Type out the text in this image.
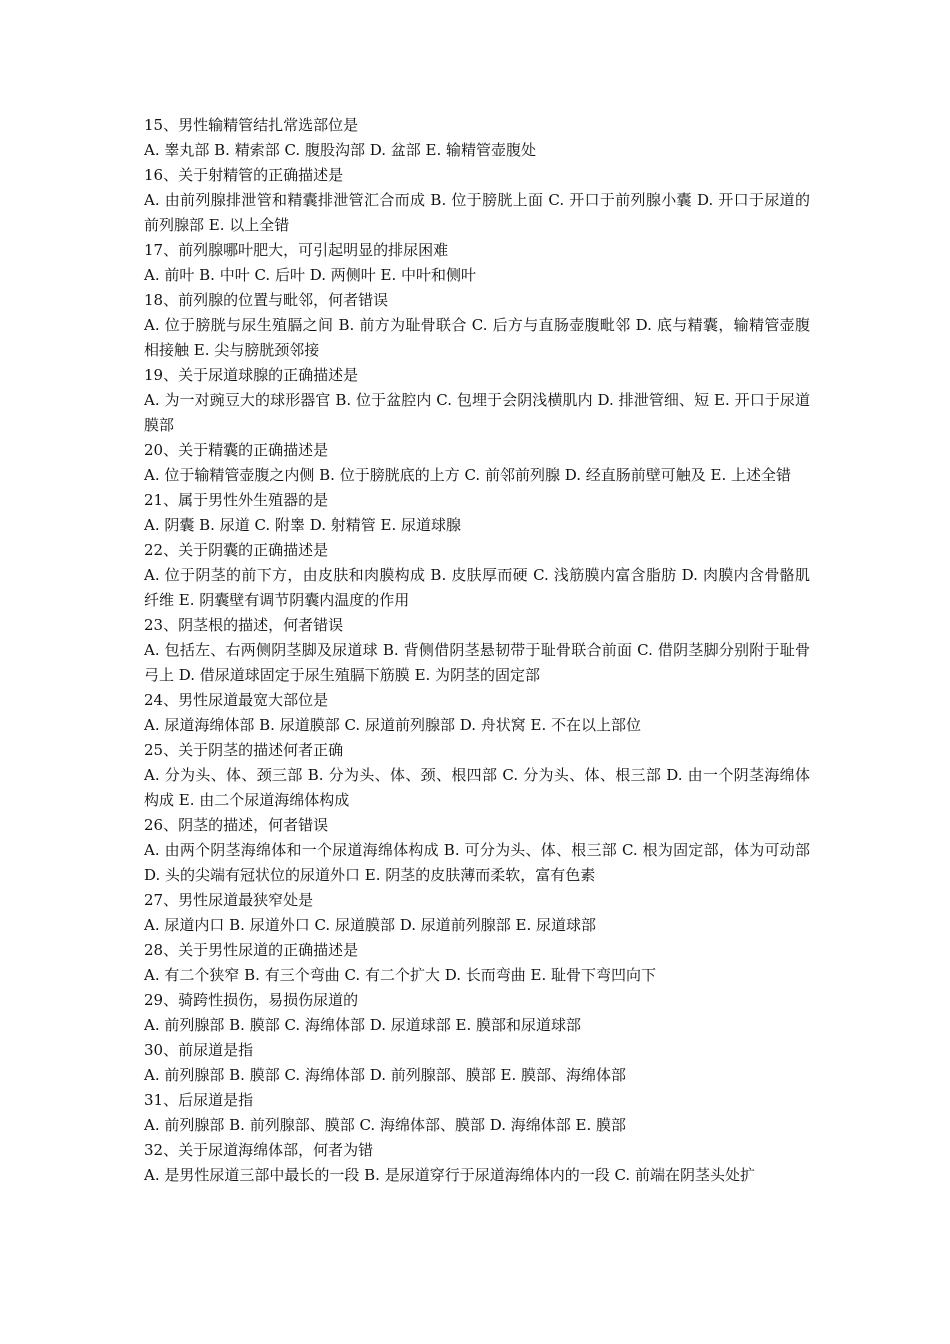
15、男性输精管结扎常选部位是

A. 睾丸部 B. 精索部 C. 腹股沟部 D. 盆部 E. 输精管壶腹处

16、关于射精管的正确描述是

A. 由前列腺排泄管和精囊排泄管汇合而成 B. 位于膀胱上面 C. 开口于前列腺小囊 D. 开口于尿道的前列腺部 E. 以上全错

17、前列腺哪叶肥大，可引起明显的排尿困难

A. 前叶 B. 中叶 C. 后叶 D. 两侧叶 E. 中叶和侧叶

18、前列腺的位置与毗邻，何者错误

A. 位于膀胱与尿生殖膈之间 B. 前方为耻骨联合 C. 后方与直肠壶腹毗邻 D. 底与精囊，输精管壶腹相接触 E. 尖与膀胱颈邻接

19、关于尿道球腺的正确描述是

A. 为一对豌豆大的球形器官 B. 位于盆腔内 C. 包埋于会阴浅横肌内 D. 排泄管细、短 E. 开口于尿道膜部

20、关于精囊的正确描述是

A. 位于输精管壶腹之内侧 B. 位于膀胱底的上方 C. 前邻前列腺 D. 经直肠前壁可触及 E. 上述全错

21、属于男性外生殖器的是

A. 阴囊 B. 尿道 C. 附睾 D. 射精管 E. 尿道球腺

22、关于阴囊的正确描述是

A. 位于阴茎的前下方，由皮肤和肉膜构成 B. 皮肤厚而硬 C. 浅筋膜内富含脂肪 D. 肉膜内含骨骼肌纤维 E. 阴囊壁有调节阴囊内温度的作用

23、阴茎根的描述，何者错误

A. 包括左、右两侧阴茎脚及尿道球 B. 背侧借阴茎悬韧带于耻骨联合前面 C. 借阴茎脚分别附于耻骨弓上 D. 借尿道球固定于尿生殖膈下筋膜 E. 为阴茎的固定部

24、男性尿道最宽大部位是

A. 尿道海绵体部 B. 尿道膜部 C. 尿道前列腺部 D. 舟状窝 E. 不在以上部位

25、关于阴茎的描述何者正确

A. 分为头、体、颈三部 B. 分为头、体、颈、根四部 C. 分为头、体、根三部 D. 由一个阴茎海绵体构成 E. 由二个尿道海绵体构成

26、阴茎的描述，何者错误

A. 由两个阴茎海绵体和一个尿道海绵体构成 B. 可分为头、体、根三部 C. 根为固定部，体为可动部 D. 头的尖端有冠状位的尿道外口 E. 阴茎的皮肤薄而柔软，富有色素

27、男性尿道最狭窄处是

A. 尿道内口 B. 尿道外口 C. 尿道膜部 D. 尿道前列腺部 E. 尿道球部

28、关于男性尿道的正确描述是

A. 有二个狭窄 B. 有三个弯曲 C. 有二个扩大 D. 长而弯曲 E. 耻骨下弯凹向下

29、骑跨性损伤，易损伤尿道的

A. 前列腺部 B. 膜部 C. 海绵体部 D. 尿道球部 E. 膜部和尿道球部

30、前尿道是指

A. 前列腺部 B. 膜部 C. 海绵体部 D. 前列腺部、膜部 E. 膜部、海绵体部

31、后尿道是指

A. 前列腺部 B. 前列腺部、膜部 C. 海绵体部、膜部 D. 海绵体部 E. 膜部

32、关于尿道海绵体部，何者为错

A. 是男性尿道三部中最长的一段 B. 是尿道穿行于尿道海绵体内的一段 C. 前端在阴茎头处扩
